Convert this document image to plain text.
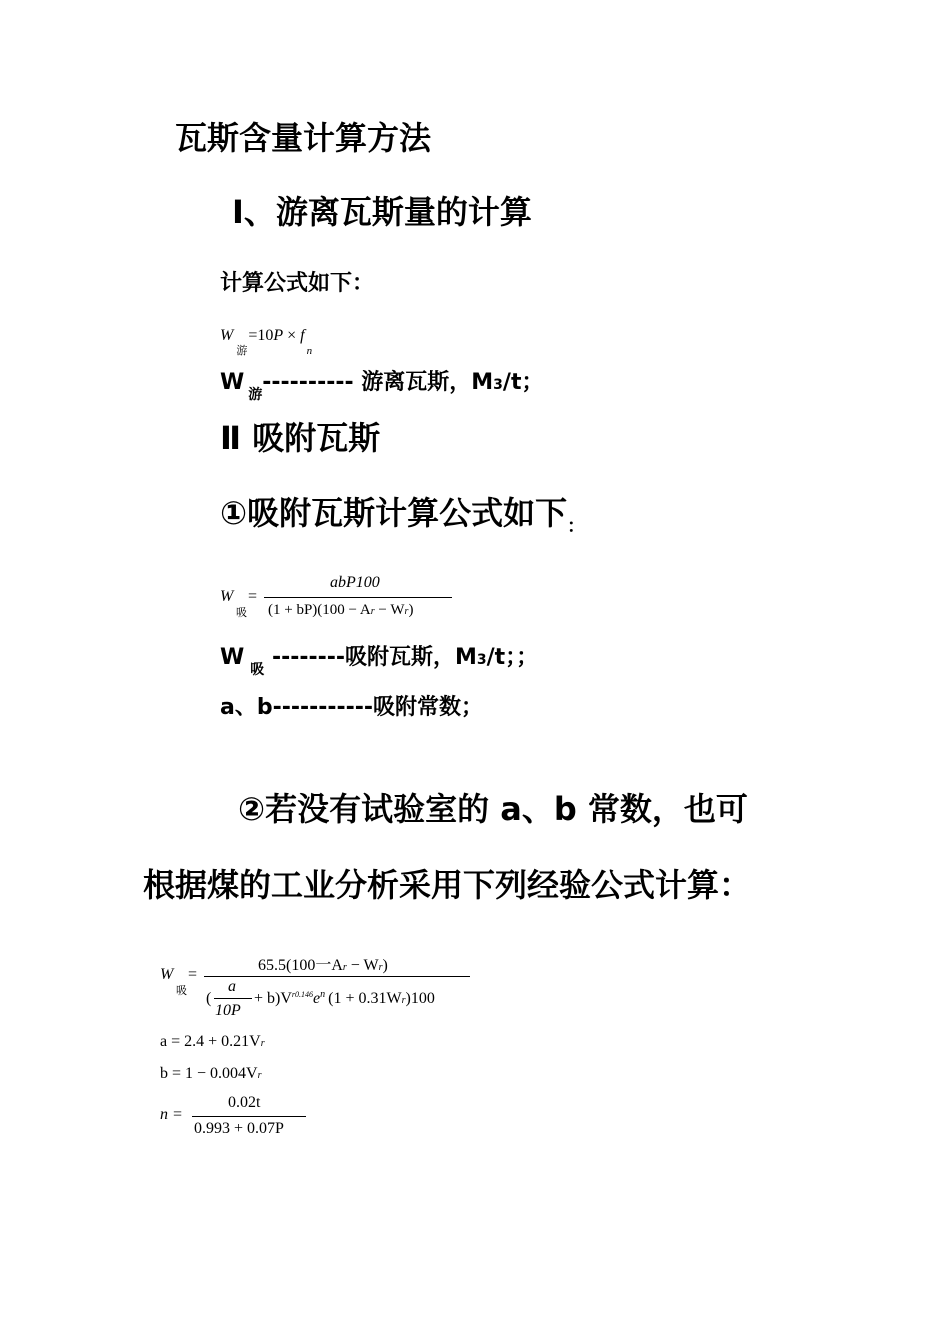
瓦斯含量计算方法
Ⅰ、游离瓦斯量的计算
计算公式如下：
$W_游=10P \times f_n$
W $_游$---------- 游离瓦斯，M3/t；
Ⅱ 吸附瓦斯
①吸附瓦斯计算公式如下$_:$
W
吸
=
abP100
(1 + bP)(100 − Ar − Wr)
W $_吸$ --------吸附瓦斯，M3/t；；
a、b-----------吸附常数；
②若没有试验室的 a、b 常数，也可
根据煤的工业分析采用下列经验公式计算：
W
吸
=
65.5(100一Ar − Wr)
(
a
10P
+ $b)V^{r0.146}e^n$ (1 + 0.31Wr)100
a = 2.4 + 0.21Vr
b = 1 − 0.004Vr
n =
0.02t
0.993 + 0.07P
